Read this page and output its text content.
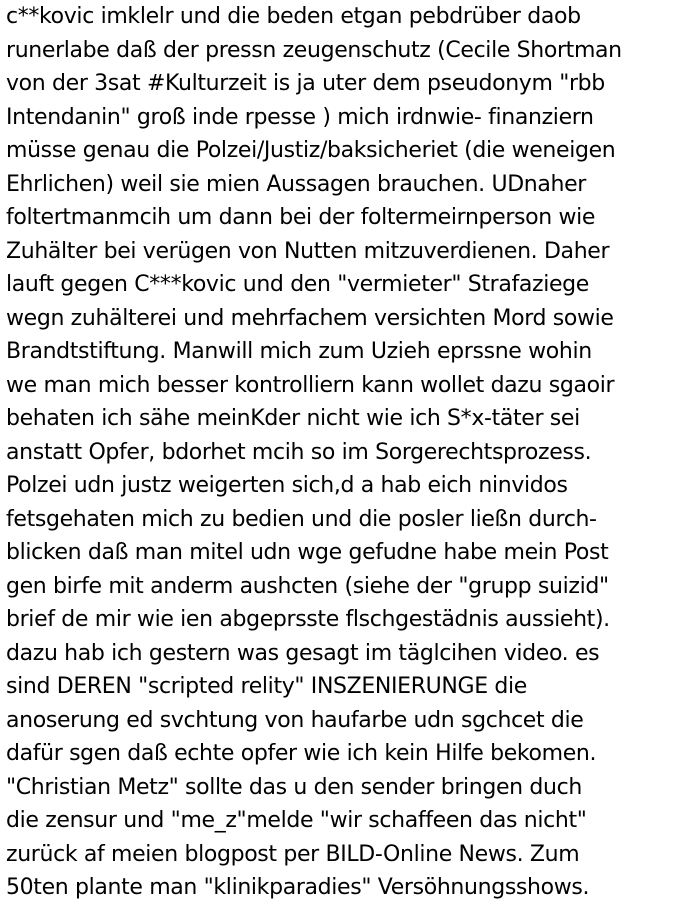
c**kovic imklelr und die beden etgan pebdrüber daob
runerlabe daß der pressn zeugenschutz (Cecile Shortman
von der 3sat #Kulturzeit is ja uter dem pseudonym "rbb
Intendanin" groß inde rpesse ) mich irdnwie- finanziern
müsse genau die Polzei/Justiz/baksicheriet (die weneigen
Ehrlichen) weil sie mien Aussagen brauchen. UDnaher
foltertmanmcih um dann bei der foltermeirnperson wie
Zuhälter bei verügen von Nutten mitzuverdienen. Daher
lauft gegen C***kovic und den "vermieter" Strafaziege
wegn zuhälterei und mehrfachem versichten Mord sowie
Brandtstiftung. Manwill mich zum Uzieh eprssne wohin
we man mich besser kontrolliern kann wollet dazu sgaoir
behaten ich sähe meinKder nicht wie ich S*x-täter sei
anstatt Opfer, bdorhet mcih so im Sorgerechtsprozess.
Polzei udn justz weigerten sich,d a hab eich ninvidos
fetsgehaten mich zu bedien und die posler ließn durch-
blicken daß man mitel udn wge gefudne habe mein Post
gen birfe mit anderm aushcten (siehe der "grupp suizid"
brief de mir wie ien abgeprsste flschgestädnis aussieht).
dazu hab ich gestern was gesagt im täglcihen video. es
sind DEREN "scripted relity" INSZENIERUNGE die
anoserung ed svchtung von haufarbe udn sgchcet die
dafür sgen daß echte opfer wie ich kein Hilfe bekomen.
"Christian Metz" sollte das u den sender bringen duch
die zensur und "me_z"melde "wir schaffeen das nicht"
zurück af meien blogpost per BILD-Online News. Zum
50ten plante man "klinikparadies" Versöhnungsshows.
